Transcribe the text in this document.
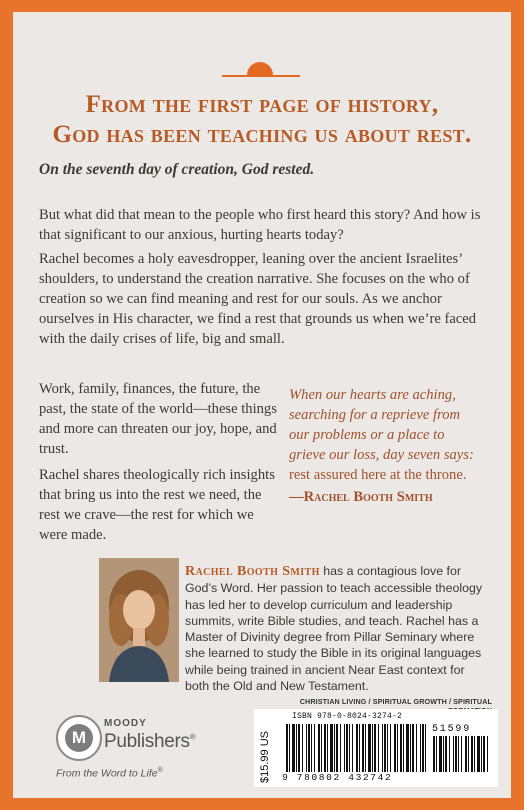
From the first page of history,
God has been teaching us about rest.
On the seventh day of creation, God rested.
But what did that mean to the people who first heard this story? And how is that significant to our anxious, hurting hearts today?
Rachel becomes a holy eavesdropper, leaning over the ancient Israelites’ shoulders, to understand the creation narrative. She focuses on the who of creation so we can find meaning and rest for our souls. As we anchor ourselves in His character, we find a rest that grounds us when we’re faced with the daily crises of life, big and small.
Work, family, finances, the future, the past, the state of the world—these things and more can threaten our joy, hope, and trust.
Rachel shares theologically rich insights that bring us into the rest we need, the rest we crave—the rest for which we were made.
When our hearts are aching, searching for a reprieve from our problems or a place to grieve our loss, day seven says: rest assured here at the throne.
—Rachel Booth Smith
Rachel Booth Smith has a contagious love for God’s Word. Her passion to teach accessible theology has led her to develop curriculum and leadership summits, write Bible studies, and teach. Rachel has a Master of Divinity degree from Pillar Seminary where she learned to study the Bible in its original languages while being trained in ancient Near East context for both the Old and New Testament.
CHRISTIAN LIVING / SPIRITUAL GROWTH / SPIRITUAL
M
MOODY
Publishers®
From the Word to Life®	$15.99 US
ISBN 978-0-8024-3274-2
9 780802 432742
51599
